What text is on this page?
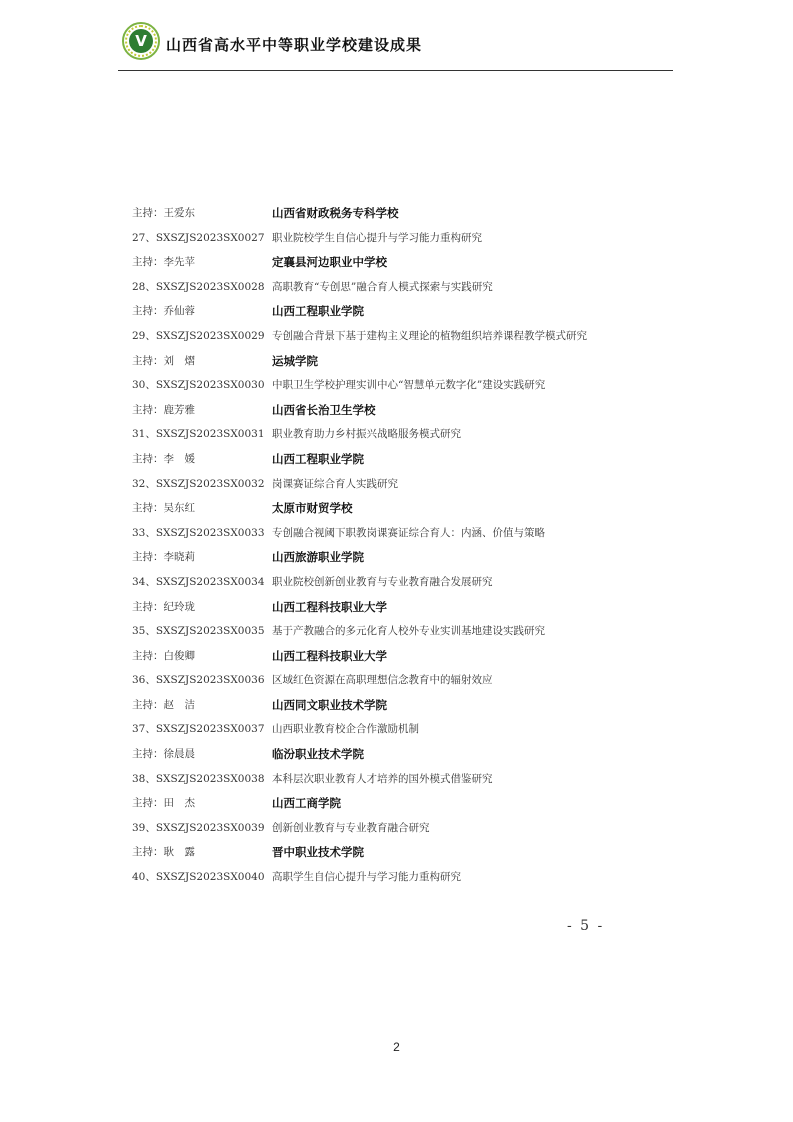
V	山西省高水平中等职业学校建设成果
主持：王爱东	山西省财政税务专科学校
27、SXSZJS2023SX0027 职业院校学生自信心提升与学习能力重构研究
主持：李先苹	定襄县河边职业中学校
28、SXSZJS2023SX0028 高职教育“专创思”融合育人模式探索与实践研究
主持：乔仙蓉	山西工程职业学院
29、SXSZJS2023SX0029 专创融合背景下基于建构主义理论的植物组织培养课程教学模式研究
主持：刘　熠	运城学院
30、SXSZJS2023SX0030 中职卫生学校护理实训中心“智慧单元数字化”建设实践研究
主持：鹿芳雅	山西省长治卫生学校
31、SXSZJS2023SX0031 职业教育助力乡村振兴战略服务模式研究
主持：李　媛	山西工程职业学院
32、SXSZJS2023SX0032 岗课赛证综合育人实践研究
主持：吴东红	太原市财贸学校
33、SXSZJS2023SX0033 专创融合视阈下职教岗课赛证综合育人：内涵、价值与策略
主持：李晓莉	山西旅游职业学院
34、SXSZJS2023SX0034 职业院校创新创业教育与专业教育融合发展研究
主持：纪玲珑	山西工程科技职业大学
35、SXSZJS2023SX0035 基于产教融合的多元化育人校外专业实训基地建设实践研究
主持：白俊卿	山西工程科技职业大学
36、SXSZJS2023SX0036 区域红色资源在高职理想信念教育中的辐射效应
主持：赵　洁	山西同文职业技术学院
37、SXSZJS2023SX0037 山西职业教育校企合作激励机制
主持：徐晨晨	临汾职业技术学院
38、SXSZJS2023SX0038 本科层次职业教育人才培养的国外模式借鉴研究
主持：田　杰	山西工商学院
39、SXSZJS2023SX0039 创新创业教育与专业教育融合研究
主持：耿　露	晋中职业技术学院
40、SXSZJS2023SX0040 高职学生自信心提升与学习能力重构研究
- 5 -
2
